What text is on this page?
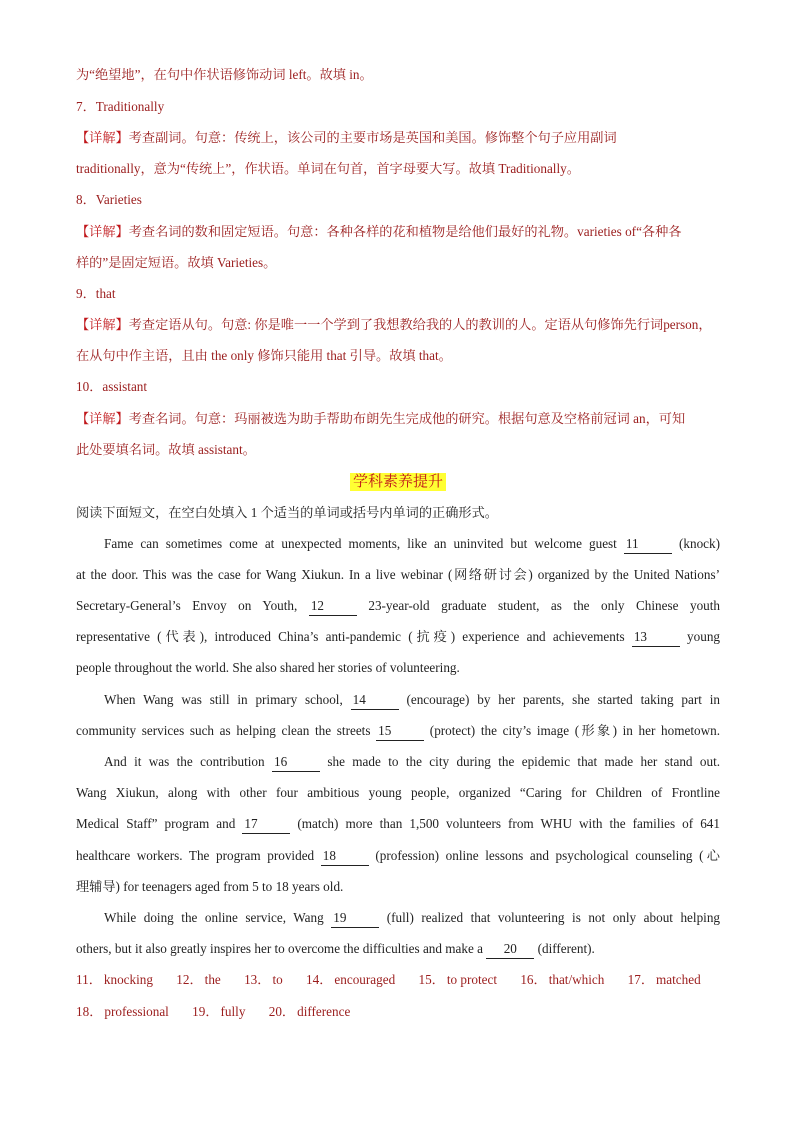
为“绝望地”，在句中作状语修饰动词 left。故填 in。
7．Traditionally
【详解】考查副词。句意：传统上，该公司的主要市场是英国和美国。修饰整个句子应用副词
traditionally，意为“传统上”，作状语。单词在句首，首字母要大写。故填 Traditionally。
8．Varieties
【详解】考查名词的数和固定短语。句意：各种各样的花和植物是给他们最好的礼物。varieties of“各种各
样的”是固定短语。故填 Varieties。
9．that
【详解】考查定语从句。句意: 你是唯一一个学到了我想教给我的人的教训的人。定语从句修饰先行词person，
在从句中作主语，且由 the only 修饰只能用 that 引导。故填 that。
10．assistant
【详解】考查名词。句意：玛丽被选为助手帮助布朗先生完成他的研究。根据句意及空格前冠词 an，可知
此处要填名词。故填 assistant。
学科素养提升
阅读下面短文，在空白处填入 1 个适当的单词或括号内单词的正确形式。
Fame can sometimes come at unexpected moments, like an uninvited but welcome guest 11	(knock)
at the door. This was the case for Wang Xiukun. In a live webinar (网络研讨会) organized by the United Nations’
Secretary-General’s Envoy on Youth, 12	23-year-old graduate student, as the only Chinese youth
representative (代表), introduced China’s anti-pandemic (抗疫) experience and achievements 13	young
people throughout the world. She also shared her stories of volunteering.
When Wang was still in primary school, 14	(encourage) by her parents, she started taking part in
community services such as helping clean the streets 15	(protect) the city’s image (形象) in her hometown.
And it was the contribution 16	she made to the city during the epidemic that made her stand out.
Wang Xiukun, along with other four ambitious young people, organized “Caring for Children of Frontline
Medical Staff” program and 17	(match) more than 1,500 volunteers from WHU with the families of 641
healthcare workers. The program provided 18	(profession) online lessons and psychological counseling (心
理辅导) for teenagers aged from 5 to 18 years old.
While doing the online service, Wang 19	(full) realized that volunteering is not only about helping
others, but it also greatly inspires her to overcome the difficulties and make a 20 (different).
11． knocking 12． the 13． to 14． encouraged 15． to protect 16． that/which 17． matched
18． professional 19． fully 20． difference
